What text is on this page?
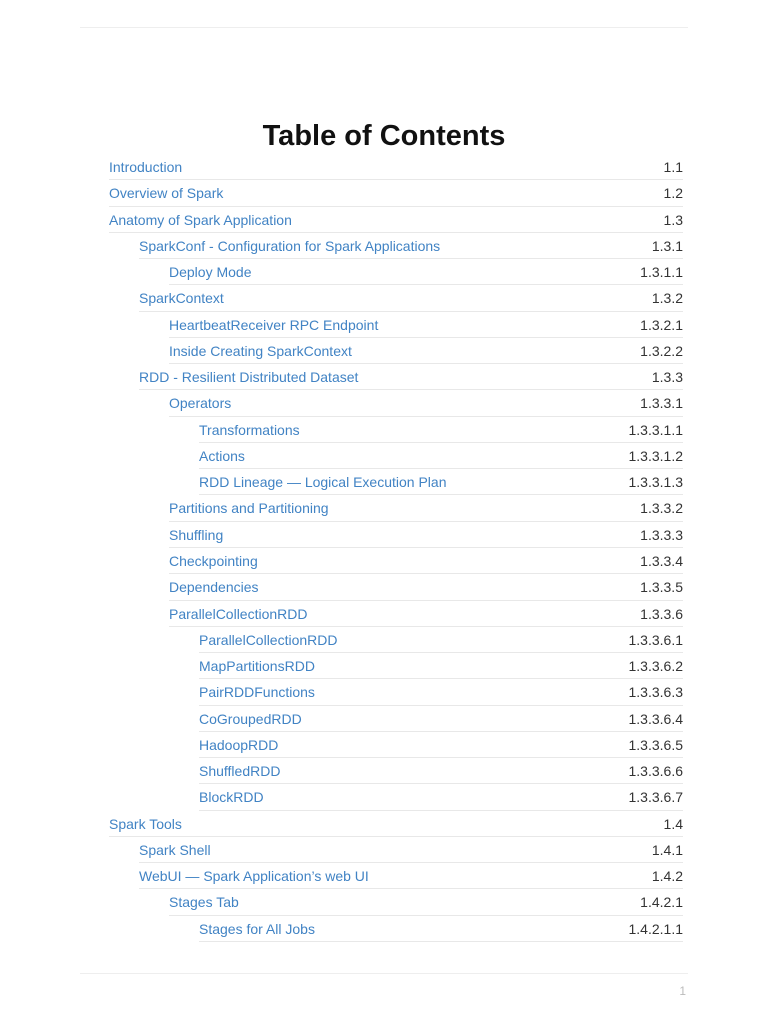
Table of Contents
Introduction	1.1
Overview of Spark	1.2
Anatomy of Spark Application	1.3
SparkConf - Configuration for Spark Applications	1.3.1
Deploy Mode	1.3.1.1
SparkContext	1.3.2
HeartbeatReceiver RPC Endpoint	1.3.2.1
Inside Creating SparkContext	1.3.2.2
RDD - Resilient Distributed Dataset	1.3.3
Operators	1.3.3.1
Transformations	1.3.3.1.1
Actions	1.3.3.1.2
RDD Lineage — Logical Execution Plan	1.3.3.1.3
Partitions and Partitioning	1.3.3.2
Shuffling	1.3.3.3
Checkpointing	1.3.3.4
Dependencies	1.3.3.5
ParallelCollectionRDD	1.3.3.6
ParallelCollectionRDD	1.3.3.6.1
MapPartitionsRDD	1.3.3.6.2
PairRDDFunctions	1.3.3.6.3
CoGroupedRDD	1.3.3.6.4
HadoopRDD	1.3.3.6.5
ShuffledRDD	1.3.3.6.6
BlockRDD	1.3.3.6.7
Spark Tools	1.4
Spark Shell	1.4.1
WebUI — Spark Application’s web UI	1.4.2
Stages Tab	1.4.2.1
Stages for All Jobs	1.4.2.1.1
1
